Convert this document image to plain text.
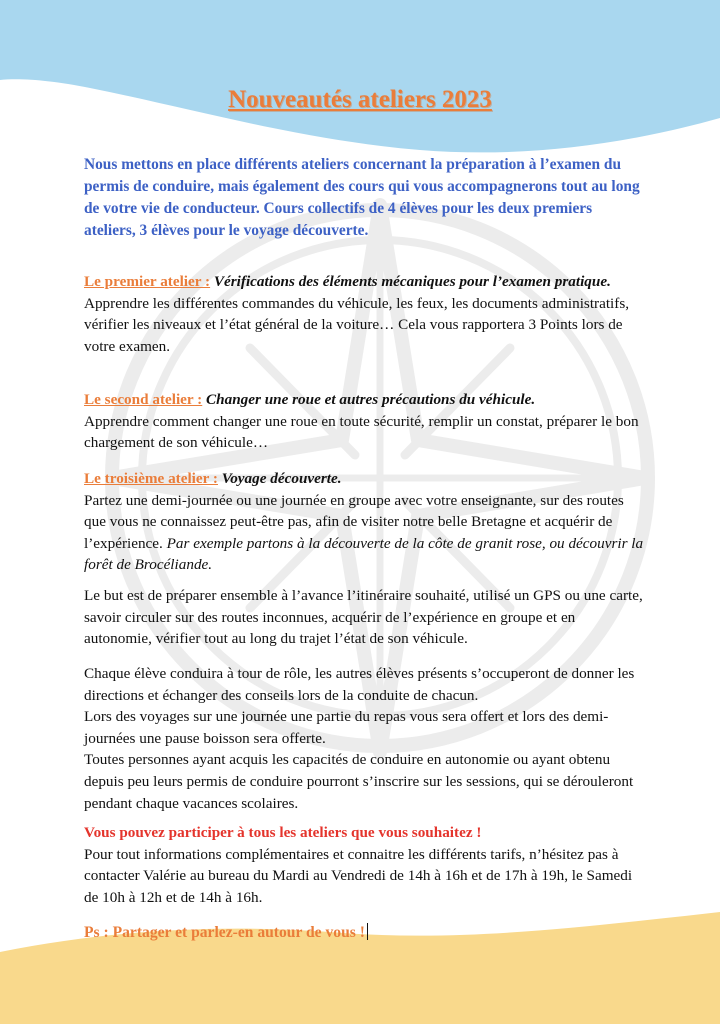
Nouveautés ateliers 2023
Nous mettons en place différents ateliers concernant la préparation à l’examen du permis de conduire, mais également des cours qui vous accompagnerons tout au long de votre vie de conducteur. Cours collectifs de 4 élèves pour les deux premiers ateliers, 3 élèves pour le voyage découverte.
Le premier atelier : Vérifications des éléments mécaniques pour l’examen pratique.
Apprendre les différentes commandes du véhicule, les feux, les documents administratifs, vérifier les niveaux et l’état général de la voiture… Cela vous rapportera 3 Points lors de votre examen.
Le second atelier : Changer une roue et autres précautions du véhicule.
Apprendre comment changer une roue en toute sécurité, remplir un constat, préparer le bon chargement de son véhicule…
Le troisième atelier : Voyage découverte.
Partez une demi-journée ou une journée en groupe avec votre enseignante, sur des routes que vous ne connaissez peut-être pas, afin de visiter notre belle Bretagne et acquérir de l’expérience. Par exemple partons à la découverte de la côte de granit rose, ou découvrir la forêt de Brocéliande.
Le but est de préparer ensemble à l’avance l’itinéraire souhaité, utilisé un GPS ou une carte, savoir circuler sur des routes inconnues, acquérir de l’expérience en groupe et en autonomie, vérifier tout au long du trajet l’état de son véhicule.
Chaque élève conduira à tour de rôle, les autres élèves présents s’occuperont de donner les directions et échanger des conseils lors de la conduite de chacun.
Lors des voyages sur une journée une partie du repas vous sera offert et lors des demi-journées une pause boisson sera offerte.
Toutes personnes ayant acquis les capacités de conduire en autonomie ou ayant obtenu depuis peu leurs permis de conduire pourront s’inscrire sur les sessions, qui se dérouleront pendant chaque vacances scolaires.
Vous pouvez participer à tous les ateliers que vous souhaitez !
Pour tout informations complémentaires et connaitre les différents tarifs, n’hésitez pas à contacter Valérie au bureau du Mardi au Vendredi de 14h à 16h et de 17h à 19h, le Samedi de 10h à 12h et de 14h à 16h.
Ps : Partager et parlez-en autour de vous !
